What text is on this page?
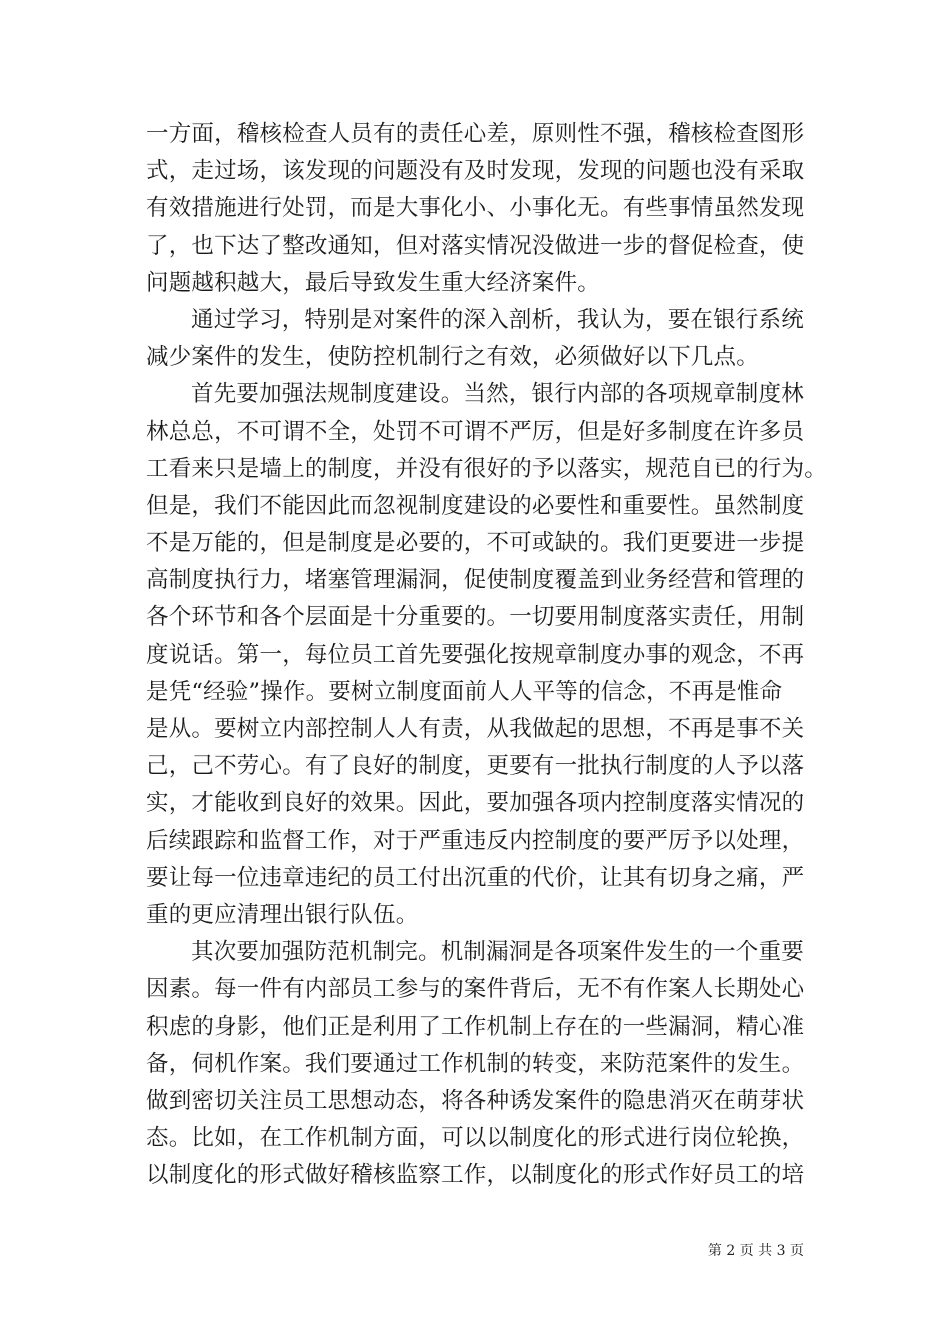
一方面，稽核检查人员有的责任心差，原则性不强，稽核检查图形
式，走过场，该发现的问题没有及时发现，发现的问题也没有采取
有效措施进行处罚，而是大事化小、小事化无。有些事情虽然发现
了，也下达了整改通知，但对落实情况没做进一步的督促检查，使
问题越积越大，最后导致发生重大经济案件。
通过学习，特别是对案件的深入剖析，我认为，要在银行系统
减少案件的发生，使防控机制行之有效，必须做好以下几点。
首先要加强法规制度建设。当然，银行内部的各项规章制度林
林总总，不可谓不全，处罚不可谓不严厉，但是好多制度在许多员
工看来只是墙上的制度，并没有很好的予以落实，规范自已的行为。
但是，我们不能因此而忽视制度建设的必要性和重要性。虽然制度
不是万能的，但是制度是必要的，不可或缺的。我们更要进一步提
高制度执行力，堵塞管理漏洞，促使制度覆盖到业务经营和管理的
各个环节和各个层面是十分重要的。一切要用制度落实责任，用制
度说话。第一，每位员工首先要强化按规章制度办事的观念，不再
是凭“经验”操作。要树立制度面前人人平等的信念，不再是惟命
是从。要树立内部控制人人有责，从我做起的思想，不再是事不关
己，己不劳心。有了良好的制度，更要有一批执行制度的人予以落
实，才能收到良好的效果。因此，要加强各项内控制度落实情况的
后续跟踪和监督工作，对于严重违反内控制度的要严厉予以处理，
要让每一位违章违纪的员工付出沉重的代价，让其有切身之痛，严
重的更应清理出银行队伍。
其次要加强防范机制完。机制漏洞是各项案件发生的一个重要
因素。每一件有内部员工参与的案件背后，无不有作案人长期处心
积虑的身影，他们正是利用了工作机制上存在的一些漏洞，精心准
备，伺机作案。我们要通过工作机制的转变，来防范案件的发生。
做到密切关注员工思想动态，将各种诱发案件的隐患消灭在萌芽状
态。比如，在工作机制方面，可以以制度化的形式进行岗位轮换，
以制度化的形式做好稽核监察工作，以制度化的形式作好员工的培
第 2 页 共 3 页
